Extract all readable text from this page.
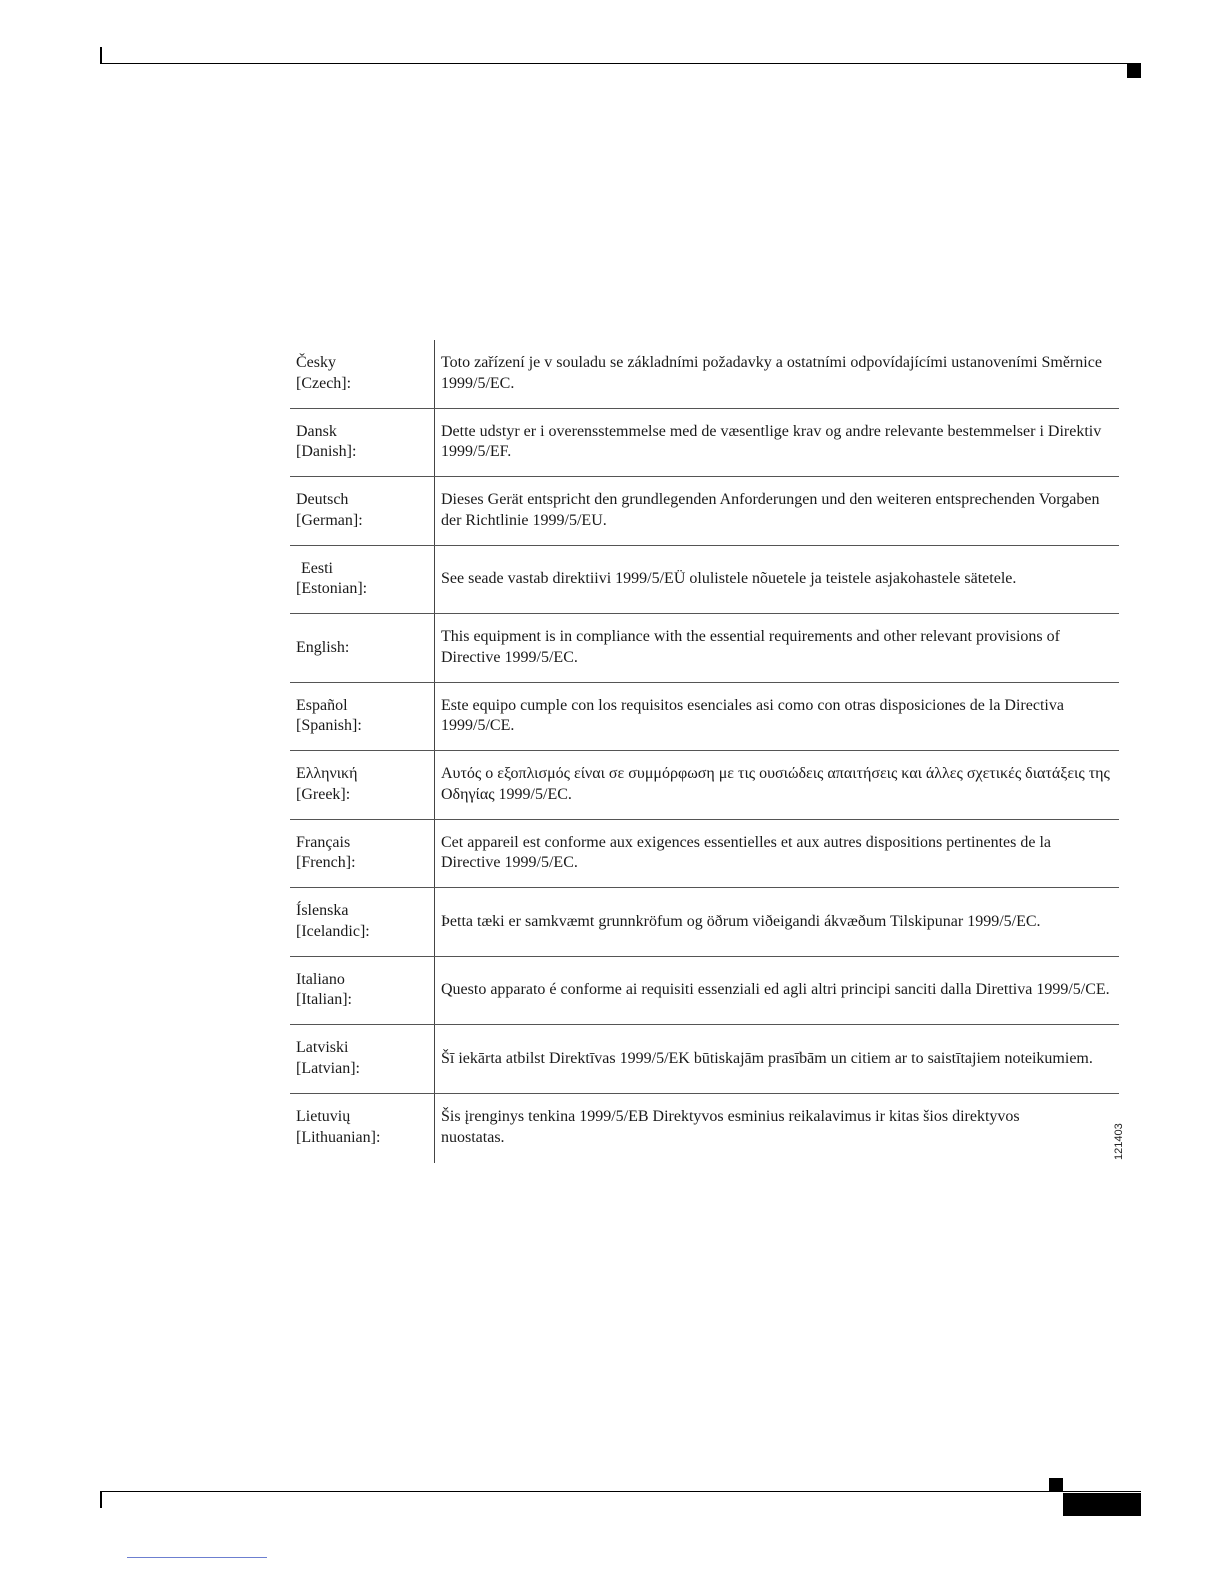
Česky
[Czech]:
Toto zařízení je v souladu se základními požadavky a ostatními odpovídajícími ustanoveními Směrnice 1999/5/EC.
Dansk
[Danish]:
Dette udstyr er i overensstemmelse med de væsentlige krav og andre relevante bestemmelser i Direktiv 1999/5/EF.
Deutsch
[German]:
Dieses Gerät entspricht den grundlegenden Anforderungen und den weiteren entsprechenden Vorgaben der Richtlinie 1999/5/EU.
Eesti
[Estonian]:
See seade vastab direktiivi 1999/5/EÜ olulistele nõuetele ja teistele asjakohastele sätetele.
English:
This equipment is in compliance with the essential requirements and other relevant provisions of Directive 1999/5/EC.
Español
[Spanish]:
Este equipo cumple con los requisitos esenciales asi como con otras disposiciones de la Directiva 1999/5/CE.
Ελληνική
[Greek]:
Αυτός ο εξοπλισμός είναι σε συμμόρφωση με τις ουσιώδεις απαιτήσεις και άλλες σχετικές διατάξεις της Οδηγίας 1999/5/EC.
Français
[French]:
Cet appareil est conforme aux exigences essentielles et aux autres dispositions pertinentes de la Directive 1999/5/EC.
Íslenska
[Icelandic]:
Þetta tæki er samkvæmt grunnkröfum og öðrum viðeigandi ákvæðum Tilskipunar 1999/5/EC.
Italiano
[Italian]:
Questo apparato é conforme ai requisiti essenziali ed agli altri principi sanciti dalla Direttiva 1999/5/CE.
Latviski
[Latvian]:
Šī iekārta atbilst Direktīvas 1999/5/EK būtiskajām prasībām un citiem ar to saistītajiem noteikumiem.
Lietuvių
[Lithuanian]:
Šis įrenginys tenkina 1999/5/EB Direktyvos esminius reikalavimus ir kitas šios direktyvos nuostatas.	121403
